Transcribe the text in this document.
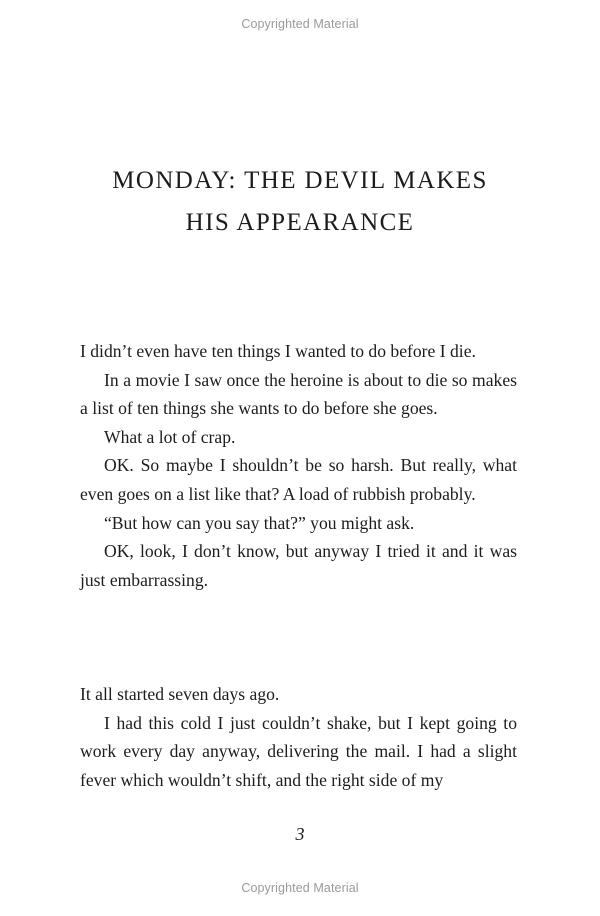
Copyrighted Material
MONDAY: THE DEVIL MAKES
HIS APPEARANCE

I didn’t even have ten things I wanted to do before I die.

In a movie I saw once the heroine is about to die so makes a list of ten things she wants to do before she goes.

What a lot of crap.

OK. So maybe I shouldn’t be so harsh. But really, what even goes on a list like that? A load of rubbish probably.

“But how can you say that?” you might ask.

OK, look, I don’t know, but anyway I tried it and it was just embarrassing.

It all started seven days ago.

I had this cold I just couldn’t shake, but I kept going to work every day anyway, delivering the mail. I had a slight fever which wouldn’t shift, and the right side of my

3
Copyrighted Material
